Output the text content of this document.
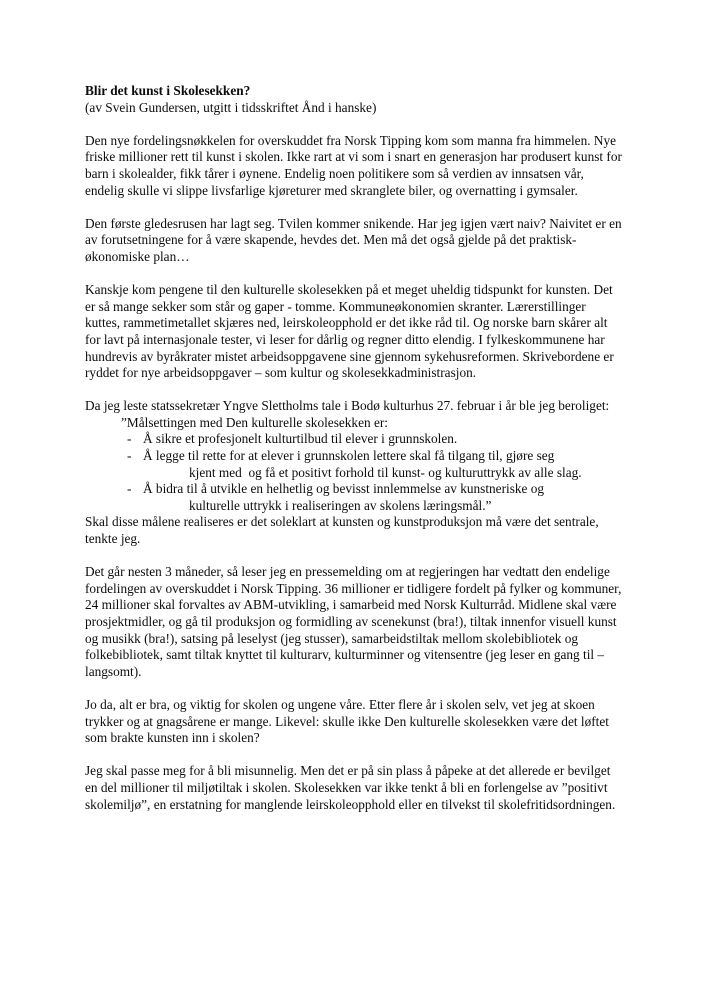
Blir det kunst i Skolesekken?

(av Svein Gundersen, utgitt i tidsskriftet Ånd i hanske)

Den nye fordelingsnøkkelen for overskuddet fra Norsk Tipping kom som manna fra himmelen. Nye friske millioner rett til kunst i skolen. Ikke rart at vi som i snart en generasjon har produsert kunst for barn i skolealder, fikk tårer i øynene. Endelig noen politikere som så verdien av innsatsen vår, endelig skulle vi slippe livsfarlige kjøreturer med skranglete biler, og overnatting i gymsaler.

Den første gledesrusen har lagt seg. Tvilen kommer snikende. Har jeg igjen vært naiv? Naivitet er en av forutsetningene for å være skapende, hevdes det. Men må det også gjelde på det praktisk-økonomiske plan…

Kanskje kom pengene til den kulturelle skolesekken på et meget uheldig tidspunkt for kunsten. Det er så mange sekker som står og gaper - tomme. Kommuneøkonomien skranter. Lærerstillinger kuttes, rammetimetallet skjæres ned, leirskoleopphold er det ikke råd til. Og norske barn skårer alt for lavt på internasjonale tester, vi leser for dårlig og regner ditto elendig. I fylkeskommunene har hundrevis av byråkrater mistet arbeidsoppgavene sine gjennom sykehusreformen. Skrivebordene er ryddet for nye arbeidsoppgaver – som kultur og skolesekkadministrasjon.

Da jeg leste statssekretær Yngve Slettholms tale i Bodø kulturhus 27. februar i år ble jeg beroliget:

”Målsettingen med Den kulturelle skolesekken er:

- Å sikre et profesjonelt kulturtilbud til elever i grunnskolen.
- Å legge til rette for at elever i grunnskolen lettere skal få tilgang til, gjøre seg

kjent med  og få et positivt forhold til kunst- og kulturuttrykk av alle slag.

- Å bidra til å utvikle en helhetlig og bevisst innlemmelse av kunstneriske og

kulturelle uttrykk i realiseringen av skolens læringsmål.”

Skal disse målene realiseres er det soleklart at kunsten og kunstproduksjon må være det sentrale, tenkte jeg.

Det går nesten 3 måneder, så leser jeg en pressemelding om at regjeringen har vedtatt den endelige fordelingen av overskuddet i Norsk Tipping. 36 millioner er tidligere fordelt på fylker og kommuner, 24 millioner skal forvaltes av ABM-utvikling, i samarbeid med Norsk Kulturråd. Midlene skal være prosjektmidler, og gå til produksjon og formidling av scenekunst (bra!), tiltak innenfor visuell kunst og musikk (bra!), satsing på leselyst (jeg stusser), samarbeidstiltak mellom skolebibliotek og folkebibliotek, samt tiltak knyttet til kulturarv, kulturminner og vitensentre (jeg leser en gang til – langsomt).

Jo da, alt er bra, og viktig for skolen og ungene våre. Etter flere år i skolen selv, vet jeg at skoen trykker og at gnagsårene er mange. Likevel: skulle ikke Den kulturelle skolesekken være det løftet som brakte kunsten inn i skolen?

Jeg skal passe meg for å bli misunnelig. Men det er på sin plass å påpeke at det allerede er bevilget en del millioner til miljøtiltak i skolen. Skolesekken var ikke tenkt å bli en forlengelse av ”positivt skolemiljø”, en erstatning for manglende leirskoleopphold eller en tilvekst til skolefritidsordningen.
